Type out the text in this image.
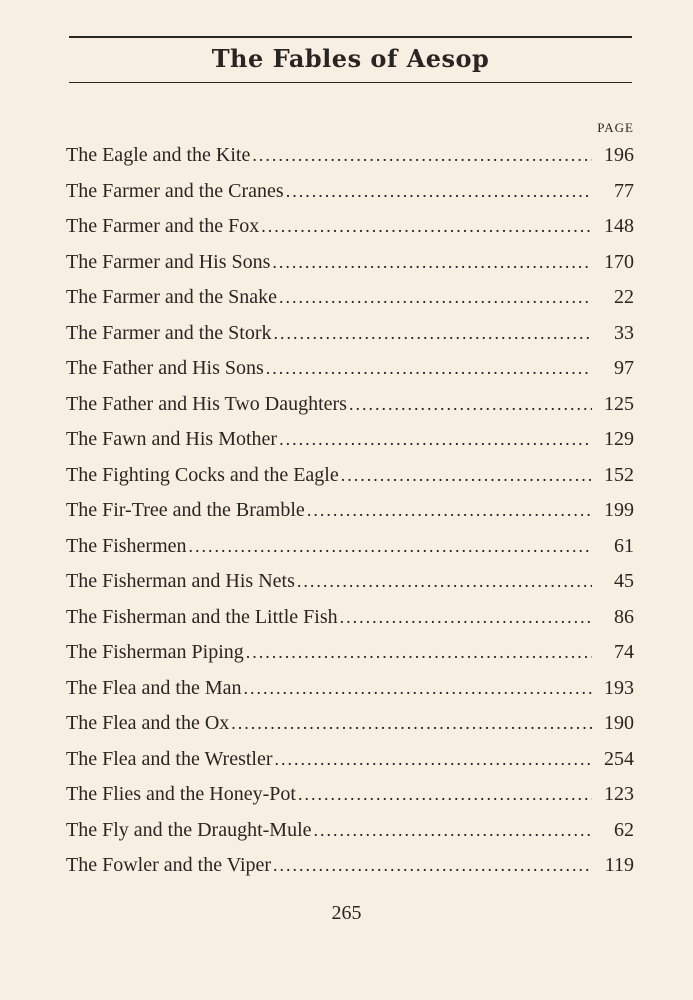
The Fables of Aesop
PAGE
The Eagle and the Kite .....	196
The Farmer and the Cranes .....	77
The Farmer and the Fox .....	148
The Farmer and His Sons .....	170
The Farmer and the Snake .....	22
The Farmer and the Stork .....	33
The Father and His Sons .....	97
The Father and His Two Daughters .....	125
The Fawn and His Mother .....	129
The Fighting Cocks and the Eagle .....	152
The Fir-Tree and the Bramble .....	199
The Fishermen .....	61
The Fisherman and His Nets .....	45
The Fisherman and the Little Fish .....	86
The Fisherman Piping .....	74
The Flea and the Man .....	193
The Flea and the Ox .....	190
The Flea and the Wrestler .....	254
The Flies and the Honey-Pot .....	123
The Fly and the Draught-Mule .....	62
The Fowler and the Viper .....	119
265
